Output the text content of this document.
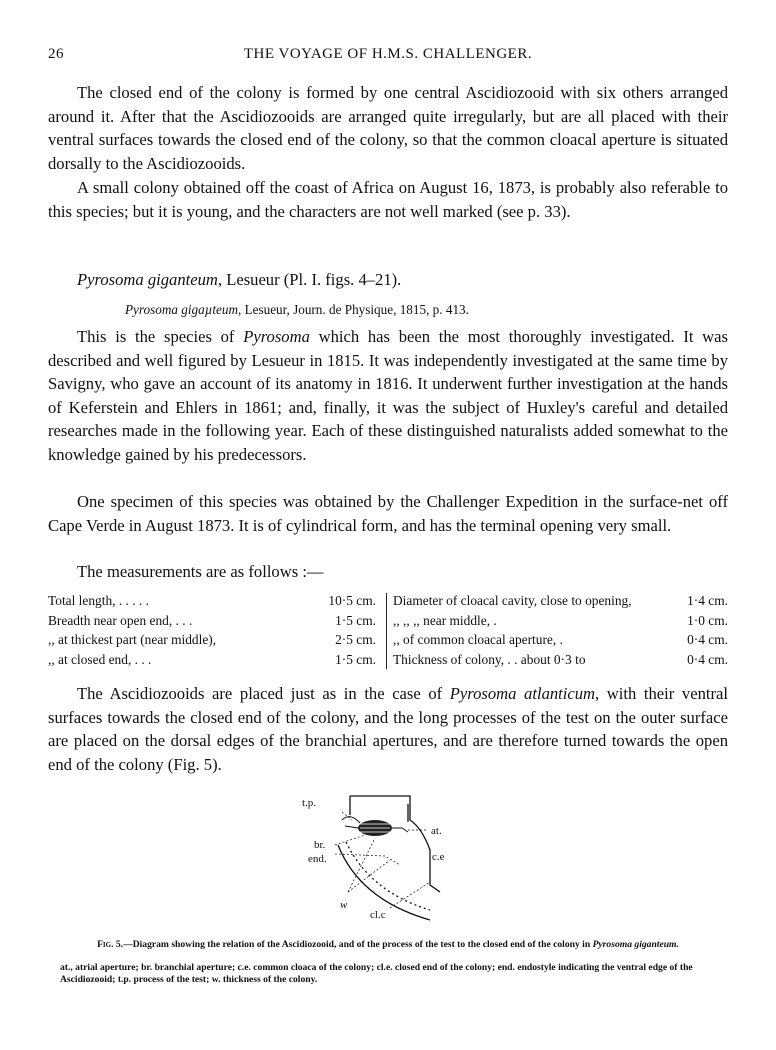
26	THE VOYAGE OF H.M.S. CHALLENGER.

The closed end of the colony is formed by one central Ascidiozooid with six others arranged around it. After that the Ascidiozooids are arranged quite irregularly, but are all placed with their ventral surfaces towards the closed end of the colony, so that the common cloacal aperture is situated dorsally to the Ascidiozooids.

A small colony obtained off the coast of Africa on August 16, 1873, is probably also referable to this species; but it is young, and the characters are not well marked (see p. 33).

Pyrosoma giganteum, Lesueur (Pl. I. figs. 4–21).
Pyrosoma gigaµteum, Lesueur, Journ. de Physique, 1815, p. 413.

This is the species of Pyrosoma which has been the most thoroughly investigated. It was described and well figured by Lesueur in 1815. It was independently investigated at the same time by Savigny, who gave an account of its anatomy in 1816. It underwent further investigation at the hands of Keferstein and Ehlers in 1861; and, finally, it was the subject of Huxley's careful and detailed researches made in the following year. Each of these distinguished naturalists added somewhat to the knowledge gained by his predecessors.

One specimen of this species was obtained by the Challenger Expedition in the surface-net off Cape Verde in August 1873. It is of cylindrical form, and has the terminal opening very small.

The measurements are as follows :—

Total length, . . . . .	10·5 cm.
Breadth near open end, . . .	1·5 cm.
,, at thickest part (near middle),	2·5 cm.
,, at closed end, . . .	1·5 cm.
Diameter of cloacal cavity, close to opening,	1·4 cm.
,, ,, ,, near middle, .	1·0 cm.
,, of common cloacal aperture, .	0·4 cm.
Thickness of colony, . . about 0·3 to	0·4 cm.

The Ascidiozooids are placed just as in the case of Pyrosoma atlanticum, with their ventral surfaces towards the closed end of the colony, and the long processes of the test on the outer surface are placed on the dorsal edges of the branchial apertures, and are therefore turned towards the open end of the colony (Fig. 5).

t.p.
at.
br.
end.	c.e
w
cl.c
Fig. 5.—Diagram showing the relation of the Ascidiozooid, and of the process of the test to the closed end of the colony in Pyrosoma giganteum.
at., atrial aperture; br. branchial aperture; c.e. common cloaca of the colony; cl.e. closed end of the colony; end. endostyle indicating the ventral edge of the Ascidiozooid; t.p. process of the test; w. thickness of the colony.
